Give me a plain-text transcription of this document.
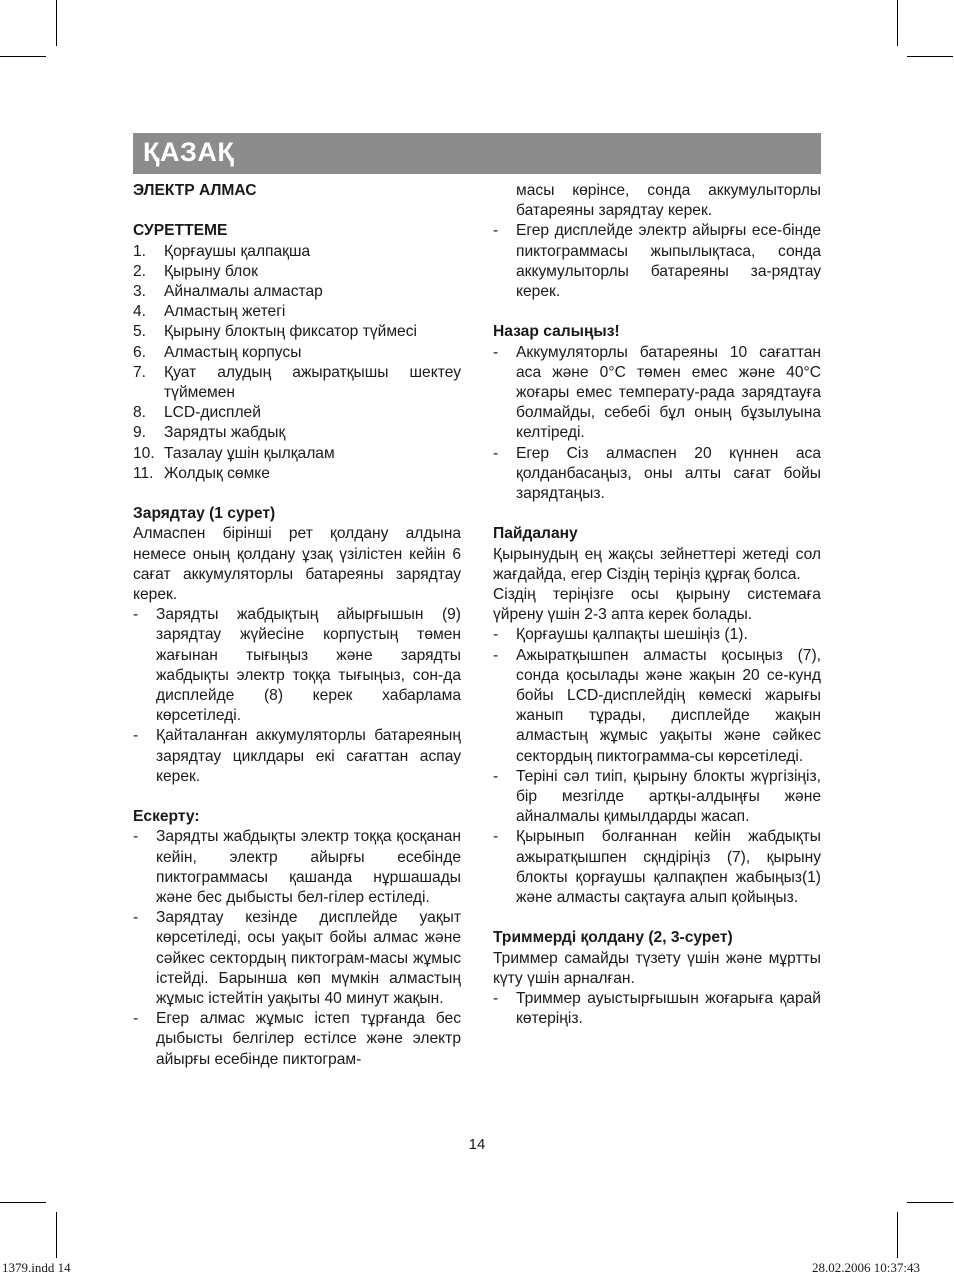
ҚАЗАҚ
ЭЛЕКТР АЛМАС
СУРЕТТЕМЕ
1.	Қорғаушы қалпақша
2.	Қырыну блок
3.	Айналмалы алмастар
4.	Алмастың жетегі
5.	Қырыну блоктың фиксатор түймесі
6.	Алмастың корпусы
7.	Қуат алудың ажыратқышы шектеу түймемен
8.	LCD-дисплей
9.	Зарядты жабдық
10. Тазалау ұшін қылқалам
11. Жолдық сөмке
Зарядтау (1 сурет)
Алмаспен бірінші рет қолдану алдына немесе оның қолдану ұзақ үзілістен кейін 6 сағат аккумуляторлы батареяны зарядтау керек.
-	Зарядты жабдықтың айырғышын (9) зарядтау жүйесіне корпустың төмен жағынан тығыңыз және зарядты жабдықты электр тоққа тығыңыз, сон-да дисплейде (8) керек хабарлама көрсетіледі.
-	Қайталанған аккумуляторлы батареяның зарядтау циклдары екі сағаттан аспау керек.
Ескерту:
-	Зарядты жабдықты электр тоққа қосқанан кейін, электр айырғы есебінде пиктограммасы қашанда нұршашады және бес дыбысты бел-гілер естіледі.
-	Зарядтау кезінде дисплейде уақыт көрсетіледі, осы уақыт бойы алмас және сәйкес сектордың пиктограм-масы жұмыс істейді. Барынша көп мүмкін алмастың жұмыс істейтін уақыты 40 минут жақын.
-	Егер алмас жұмыс істеп тұрғанда бес дыбысты белгілер естілсе және электр айырғы есебінде пиктограм-
масы көрінсе, сонда аккумулыторлы батареяны зарядтау керек.
-	Егер дисплейде электр айырғы есе-бінде пиктограммасы жыпылықтаса, сонда аккумулыторлы батареяны за-рядтау керек.
Назар салыңыз!
-	Аккумуляторлы батареяны 10 сағаттан аса және 0°С төмен емес және 40°С жоғары емес температу-рада зарядтауға болмайды, себебі бұл оның бұзылуына келтіреді.
-	Егер Сіз алмаспен 20 күннен аса қолданбасаңыз, оны алты сағат бойы зарядтаңыз.
Пайдалану
Қырынудың ең жақсы зейнеттері жетеді сол жағдайда, егер Сіздің теріңіз құрғақ болса.
Сіздің теріңізге осы қырыну системаға үйрену үшін 2-3 апта керек болады.
-	Қорғаушы қалпақты шешіңіз (1).
-	Ажыратқышпен алмасты қосыңыз (7), сонда қосылады және жақын 20 се-кунд бойы LCD-дисплейдің көмескі жарығы жанып тұрады, дисплейде жақын алмастың жұмыс уақыты және сәйкес сектордың пиктограмма-сы көрсетіледі.
-	Теріні сәл тиіп, қырыну блокты жүргізіңіз, бір мезгілде артқы-алдыңғы және айналмалы қимылдарды жасап.
-	Қырынып болғаннан кейін жабдықты ажыратқышпен сқндіріңіз (7), қырыну блокты қорғаушы қалпақпен жабыңыз(1) және алмасты сақтауға алып қойыңыз.
Триммерді қолдану (2, 3-сурет)
Триммер самайды түзету үшін және мұртты күту үшін арналған.
-	Триммер ауыстырғышын жоғарыға қарай көтеріңіз.
14
1379.indd 14	28.02.2006 10:37:43
